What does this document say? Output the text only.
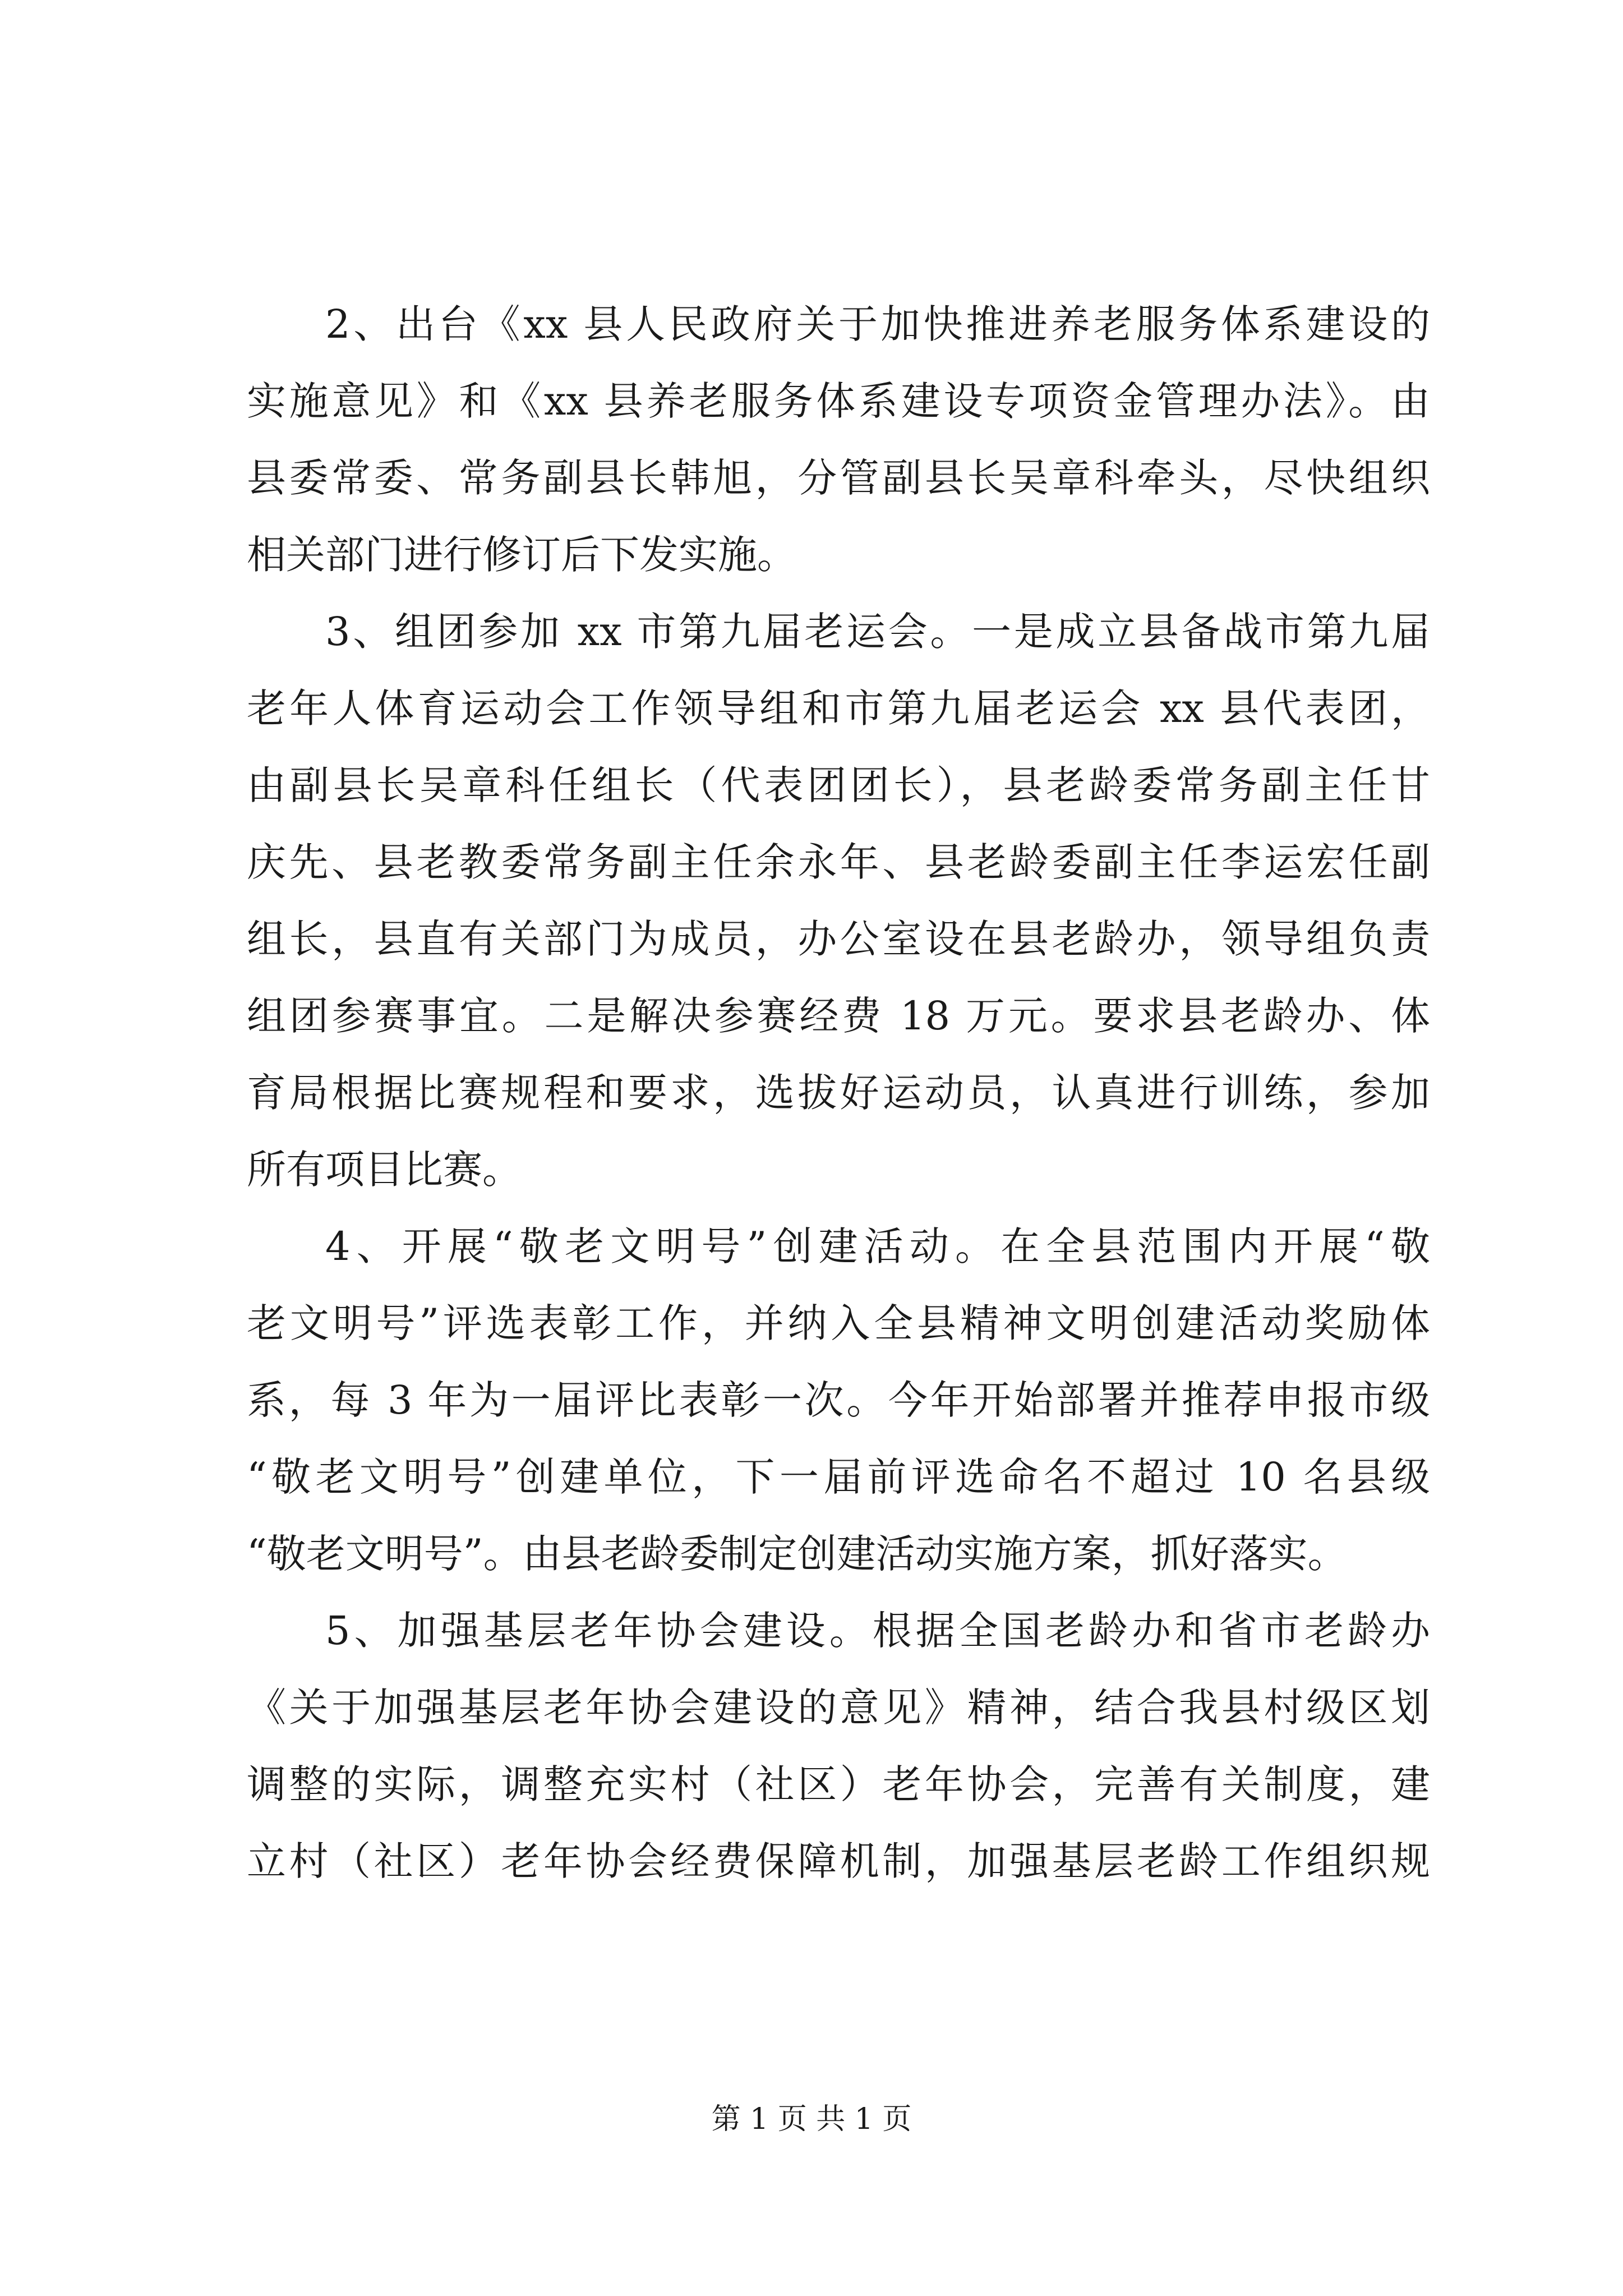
2、出台《xx 县人民政府关于加快推进养老服务体系建设的
实施意见》和《xx 县养老服务体系建设专项资金管理办法》。由
县委常委、常务副县长韩旭，分管副县长吴章科牵头，尽快组织
相关部门进行修订后下发实施。
3、组团参加 xx 市第九届老运会。一是成立县备战市第九届
老年人体育运动会工作领导组和市第九届老运会 xx 县代表团，
由副县长吴章科任组长（代表团团长），县老龄委常务副主任甘
庆先、县老教委常务副主任余永年、县老龄委副主任李运宏任副
组长，县直有关部门为成员，办公室设在县老龄办，领导组负责
组团参赛事宜。二是解决参赛经费 18 万元。要求县老龄办、体
育局根据比赛规程和要求，选拔好运动员，认真进行训练，参加
所有项目比赛。
4、开展“敬老文明号”创建活动。在全县范围内开展“敬
老文明号”评选表彰工作，并纳入全县精神文明创建活动奖励体
系，每 3 年为一届评比表彰一次。今年开始部署并推荐申报市级
“敬老文明号”创建单位，下一届前评选命名不超过 10 名县级
“敬老文明号”。由县老龄委制定创建活动实施方案，抓好落实。
5、加强基层老年协会建设。根据全国老龄办和省市老龄办
《关于加强基层老年协会建设的意见》精神，结合我县村级区划
调整的实际，调整充实村（社区）老年协会，完善有关制度，建
立村（社区）老年协会经费保障机制，加强基层老龄工作组织规
第 1 页 共 1 页
